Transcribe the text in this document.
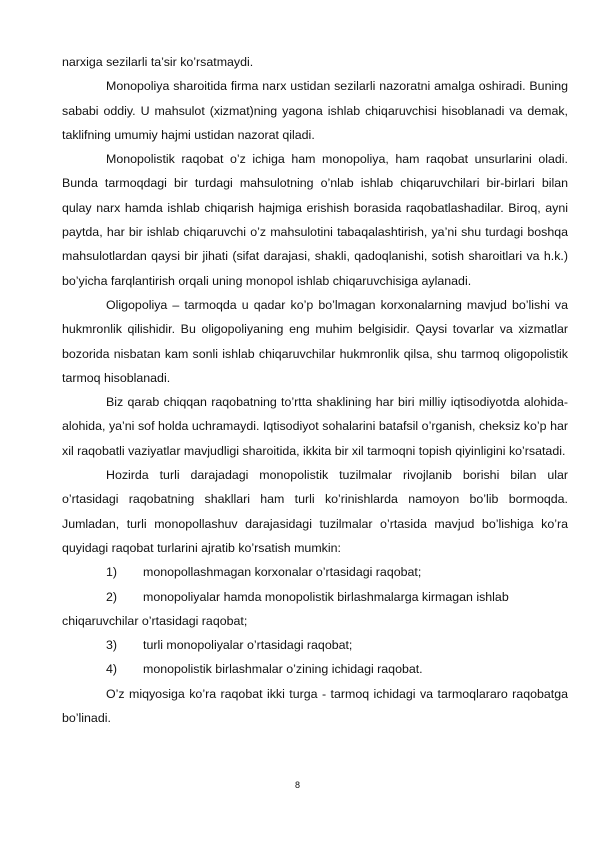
narxiga sezilarli ta’sir ko’rsatmaydi.

Monopoliya sharoitida firma narx ustidan sezilarli nazoratni amalga oshiradi. Buning sababi oddiy. U mahsulot (xizmat)ning yagona ishlab chiqaruvchisi hisoblanadi va demak, taklifning umumiy hajmi ustidan nazorat qiladi.

Monopolistik raqobat o’z ichiga ham monopoliya, ham raqobat unsurlarini oladi. Bunda tarmoqdagi bir turdagi mahsulotning o’nlab ishlab chiqaruvchilari bir-birlari bilan qulay narx hamda ishlab chiqarish hajmiga erishish borasida raqobatlashadilar. Biroq, ayni paytda, har bir ishlab chiqaruvchi o’z mahsulotini tabaqalashtirish, ya’ni shu turdagi boshqa mahsulotlardan qaysi bir jihati (sifat darajasi, shakli, qadoqlanishi, sotish sharoitlari va h.k.) bo’yicha farqlantirish orqali uning monopol ishlab chiqaruvchisiga aylanadi.

Oligopoliya – tarmoqda u qadar ko’p bo’lmagan korxonalarning mavjud bo’lishi va hukmronlik qilishidir. Bu oligopoliyaning eng muhim belgisidir. Qaysi tovarlar va xizmatlar bozorida nisbatan kam sonli ishlab chiqaruvchilar hukmronlik qilsa, shu tarmoq oligopolistik tarmoq hisoblanadi.

Biz qarab chiqqan raqobatning to’rtta shaklining har biri milliy iqtisodiyotda alohida-alohida, ya’ni sof holda uchramaydi. Iqtisodiyot sohalarini batafsil o’rganish, cheksiz ko’p har xil raqobatli vaziyatlar mavjudligi sharoitida, ikkita bir xil tarmoqni topish qiyinligini ko’rsatadi.

Hozirda turli darajadagi monopolistik tuzilmalar rivojlanib borishi bilan ular o’rtasidagi raqobatning shakllari ham turli ko’rinishlarda namoyon bo’lib bormoqda. Jumladan, turli monopollashuv darajasidagi tuzilmalar o’rtasida mavjud bo’lishiga ko’ra quyidagi raqobat turlarini ajratib ko’rsatish mumkin:

1) monopollashmagan korxonalar o’rtasidagi raqobat;
2) monopoliyalar hamda monopolistik birlashmalarga kirmagan ishlab
chiqaruvchilar o’rtasidagi raqobat;
3) turli monopoliyalar o’rtasidagi raqobat;
4) monopolistik birlashmalar o’zining ichidagi raqobat.

O’z miqyosiga ko’ra raqobat ikki turga - tarmoq ichidagi va tarmoqlararo raqobatga bo’linadi.

8
